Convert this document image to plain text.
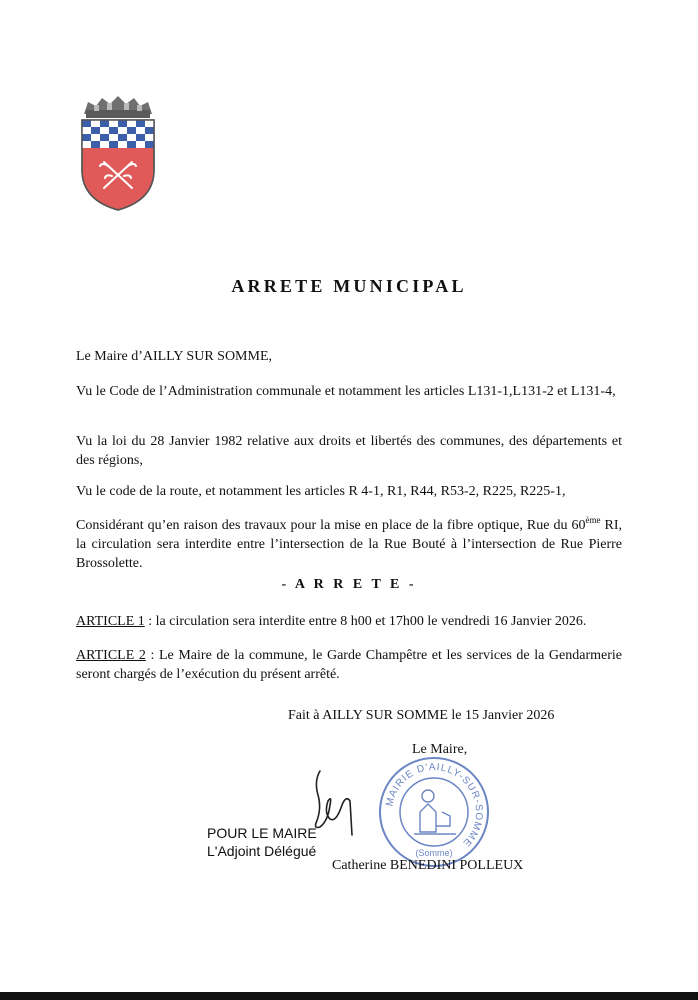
ARRETE MUNICIPAL
Le Maire d’AILLY SUR SOMME,
Vu le Code de l’Administration communale et notamment les articles L131-1,L131-2 et L131-4,
Vu la loi du 28 Janvier 1982 relative aux droits et libertés des communes, des départements et des régions,
Vu le code de la route, et notamment les articles R 4-1, R1, R44, R53-2, R225, R225-1,
Considérant qu’en raison des travaux pour la mise en place de la fibre optique, Rue du 60ème RI, la circulation sera interdite entre l’intersection de la Rue Bouté à l’intersection de Rue Pierre Brossolette.
- A R R E T E -
ARTICLE 1 : la circulation sera interdite entre 8 h00 et 17h00 le vendredi 16 Janvier 2026.
ARTICLE 2 : Le Maire de la commune, le Garde Champêtre et les services de la Gendarmerie seront chargés de l’exécution du présent arrêté.
Fait à AILLY SUR SOMME le 15 Janvier 2026
Le Maire,
MAIRIE D'AILLY-SUR-SOMME
(Somme)
POUR LE MAIRE
L'Adjoint Délégué
Catherine BENEDINI POLLEUX
